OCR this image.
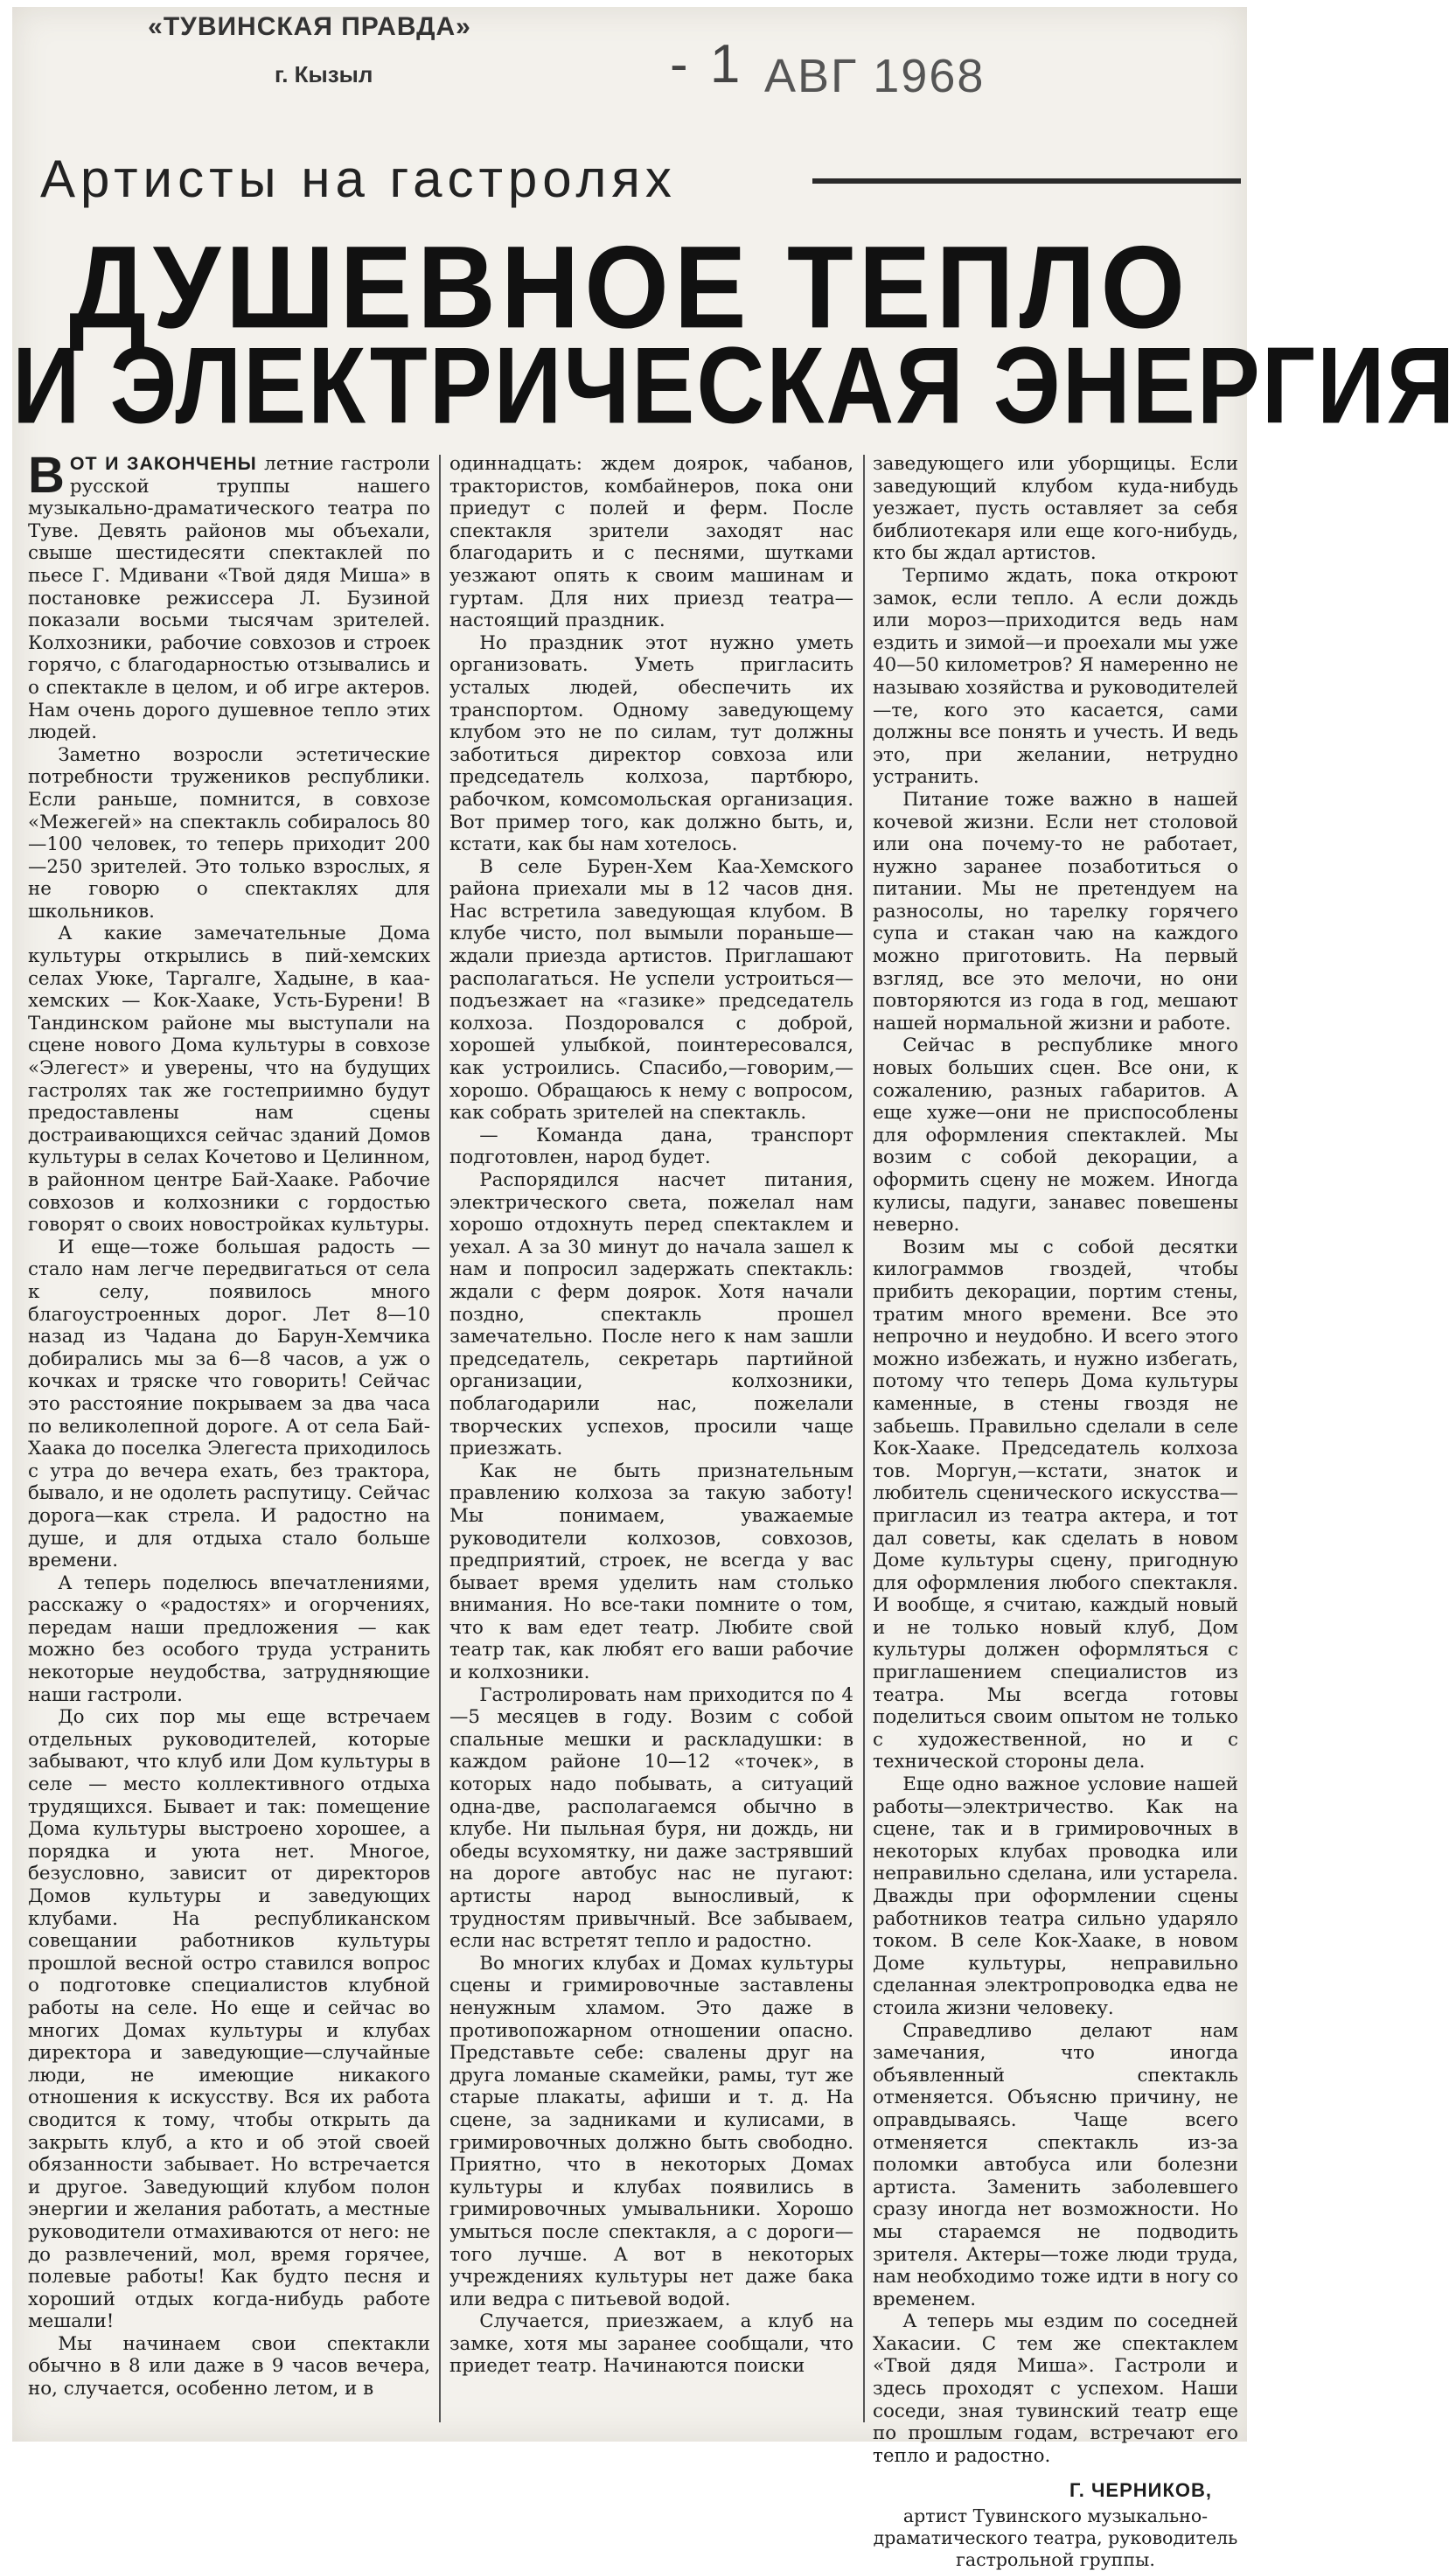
«ТУВИНСКАЯ ПРАВДА»
г. Кызыл	- 1 АВГ 1968
Артисты на гастролях
ДУШЕВНОЕ ТЕПЛО
И ЭЛЕКТРИЧЕСКАЯ ЭНЕРГИЯ

ВОТ И ЗАКОНЧЕНЫ летние гастроли русской труппы нашего музыкально-драматического театра по Туве. Девять районов мы объехали, свыше шестидесяти спектаклей по пьесе Г. Мдивани «Твой дядя Миша» в постановке режиссера Л. Бузиной показали восьми тысячам зрителей. Колхозники, рабочие совхозов и строек горячо, с благодарностью отзывались и о спектакле в целом, и об игре актеров. Нам очень дорого душевное тепло этих людей.

Заметно возросли эстетические потребности тружеников республики. Если раньше, помнится, в совхозе «Межегей» на спектакль собиралось 80—100 человек, то теперь приходит 200—250 зрителей. Это только взрослых, я не говорю о спектаклях для школьников.

А какие замечательные Дома культуры открылись в пий-хемских селах Уюке, Таргалге, Хадыне, в каа-хемских — Кок-Хааке, Усть-Бурени! В Тандинском районе мы выступали на сцене нового Дома культуры в совхозе «Элегест» и уверены, что на будущих гастролях так же гостеприимно будут предоставлены нам сцены достраивающихся сейчас зданий Домов культуры в селах Кочетово и Целинном, в районном центре Бай-Хааке. Рабочие совхозов и колхозники с гордостью говорят о своих новостройках культуры.

И еще—тоже большая радость — стало нам легче передвигаться от села к селу, появилось много благоустроенных дорог. Лет 8—10 назад из Чадана до Барун-Хемчика добирались мы за 6—8 часов, а уж о кочках и тряске что говорить! Сейчас это расстояние покрываем за два часа по великолепной дороге. А от села Бай-Хаака до поселка Элегеста приходилось с утра до вечера ехать, без трактора, бывало, и не одолеть распутицу. Сейчас дорога—как стрела. И радостно на душе, и для отдыха стало больше времени.

А теперь поделюсь впечатлениями, расскажу о «радостях» и огорчениях, передам наши предложения — как можно без особого труда устранить некоторые неудобства, затрудняющие наши гастроли.

До сих пор мы еще встречаем отдельных руководителей, которые забывают, что клуб или Дом культуры в селе — место коллективного отдыха трудящихся. Бывает и так: помещение Дома культуры выстроено хорошее, а порядка и уюта нет. Многое, безусловно, зависит от директоров Домов культуры и заведующих клубами. На республиканском совещании работников культуры прошлой весной остро ставился вопрос о подготовке специалистов клубной работы на селе. Но еще и сейчас во многих Домах культуры и клубах директора и заведующие—случайные люди, не имеющие никакого отношения к искусству. Вся их работа сводится к тому, чтобы открыть да закрыть клуб, а кто и об этой своей обязанности забывает. Но встречается и другое. Заведующий клубом полон энергии и желания работать, а местные руководители отмахиваются от него: не до развлечений, мол, время горячее, полевые работы! Как будто песня и хороший отдых когда-нибудь работе мешали!

Мы начинаем свои спектакли обычно в 8 или даже в 9 часов вечера, но, случается, особенно летом, и в

одиннадцать: ждем доярок, чабанов, трактористов, комбайнеров, пока они приедут с полей и ферм. После спектакля зрители заходят нас благодарить и с песнями, шутками уезжают опять к своим машинам и гуртам. Для них приезд театра—настоящий праздник.

Но праздник этот нужно уметь организовать. Уметь пригласить усталых людей, обеспечить их транспортом. Одному заведующему клубом это не по силам, тут должны заботиться директор совхоза или председатель колхоза, партбюро, рабочком, комсомольская организация. Вот пример того, как должно быть, и, кстати, как бы нам хотелось.

В селе Бурен-Хем Каа-Хемского района приехали мы в 12 часов дня. Нас встретила заведующая клубом. В клубе чисто, пол вымыли пораньше—ждали приезда артистов. Приглашают располагаться. Не успели устроиться—подъезжает на «газике» председатель колхоза. Поздоровался с доброй, хорошей улыбкой, поинтересовался, как устроились. Спасибо,—говорим,—хорошо. Обращаюсь к нему с вопросом, как собрать зрителей на спектакль.

— Команда дана, транспорт подготовлен, народ будет.

Распорядился насчет питания, электрического света, пожелал нам хорошо отдохнуть перед спектаклем и уехал. А за 30 минут до начала зашел к нам и попросил задержать спектакль: ждали с ферм доярок. Хотя начали поздно, спектакль прошел замечательно. После него к нам зашли председатель, секретарь партийной организации, колхозники, поблагодарили нас, пожелали творческих успехов, просили чаще приезжать.

Как не быть признательным правлению колхоза за такую заботу! Мы понимаем, уважаемые руководители колхозов, совхозов, предприятий, строек, не всегда у вас бывает время уделить нам столько внимания. Но все-таки помните о том, что к вам едет театр. Любите свой театр так, как любят его ваши рабочие и колхозники.

Гастролировать нам приходится по 4—5 месяцев в году. Возим с собой спальные мешки и раскладушки: в каждом районе 10—12 «точек», в которых надо побывать, а ситуаций одна-две, располагаемся обычно в клубе. Ни пыльная буря, ни дождь, ни обеды всухомятку, ни даже застрявший на дороге автобус нас не пугают: артисты народ выносливый, к трудностям привычный. Все забываем, если нас встретят тепло и радостно.

Во многих клубах и Домах культуры сцены и гримировочные заставлены ненужным хламом. Это даже в противопожарном отношении опасно. Представьте себе: свалены друг на друга ломаные скамейки, рамы, тут же старые плакаты, афиши и т. д. На сцене, за задниками и кулисами, в гримировочных должно быть свободно. Приятно, что в некоторых Домах культуры и клубах появились в гримировочных умывальники. Хорошо умыться после спектакля, а с дороги—того лучше. А вот в некоторых учреждениях культуры нет даже бака или ведра с питьевой водой.

Случается, приезжаем, а клуб на замке, хотя мы заранее сообщали, что приедет театр. Начинаются поиски

заведующего или уборщицы. Если заведующий клубом куда-нибудь уезжает, пусть оставляет за себя библиотекаря или еще кого-нибудь, кто бы ждал артистов.

Терпимо ждать, пока откроют замок, если тепло. А если дождь или мороз—приходится ведь нам ездить и зимой—и проехали мы уже 40—50 километров? Я намеренно не называю хозяйства и руководителей—те, кого это касается, сами должны все понять и учесть. И ведь это, при желании, нетрудно устранить.

Питание тоже важно в нашей кочевой жизни. Если нет столовой или она почему-то не работает, нужно заранее позаботиться о питании. Мы не претендуем на разносолы, но тарелку горячего супа и стакан чаю на каждого можно приготовить. На первый взгляд, все это мелочи, но они повторяются из года в год, мешают нашей нормальной жизни и работе.

Сейчас в республике много новых больших сцен. Все они, к сожалению, разных габаритов. А еще хуже—они не приспособлены для оформления спектаклей. Мы возим с собой декорации, а оформить сцену не можем. Иногда кулисы, падуги, занавес повешены неверно.

Возим мы с собой десятки килограммов гвоздей, чтобы прибить декорации, портим стены, тратим много времени. Все это непрочно и неудобно. И всего этого можно избежать, и нужно избегать, потому что теперь Дома культуры каменные, в стены гвоздя не забьешь. Правильно сделали в селе Кок-Хааке. Председатель колхоза тов. Моргун,—кстати, знаток и любитель сценического искусства—пригласил из театра актера, и тот дал советы, как сделать в новом Доме культуры сцену, пригодную для оформления любого спектакля. И вообще, я считаю, каждый новый и не только новый клуб, Дом культуры должен оформляться с приглашением специалистов из театра. Мы всегда готовы поделиться своим опытом не только с художественной, но и с технической стороны дела.

Еще одно важное условие нашей работы—электричество. Как на сцене, так и в гримировочных в некоторых клубах проводка или неправильно сделана, или устарела. Дважды при оформлении сцены работников театра сильно ударяло током. В селе Кок-Хааке, в новом Доме культуры, неправильно сделанная электропроводка едва не стоила жизни человеку.

Справедливо делают нам замечания, что иногда объявленный спектакль отменяется. Объясню причину, не оправдываясь. Чаще всего отменяется спектакль из-за поломки автобуса или болезни артиста. Заменить заболевшего сразу иногда нет возможности. Но мы стараемся не подводить зрителя. Актеры—тоже люди труда, нам необходимо тоже идти в ногу со временем.

А теперь мы ездим по соседней Хакасии. С тем же спектаклем «Твой дядя Миша». Гастроли и здесь проходят с успехом. Наши соседи, зная тувинский театр еще по прошлым годам, встречают его тепло и радостно.

Г. ЧЕРНИКОВ,
артист Тувинского музыкально-драматического театра, руководитель гастрольной группы.
